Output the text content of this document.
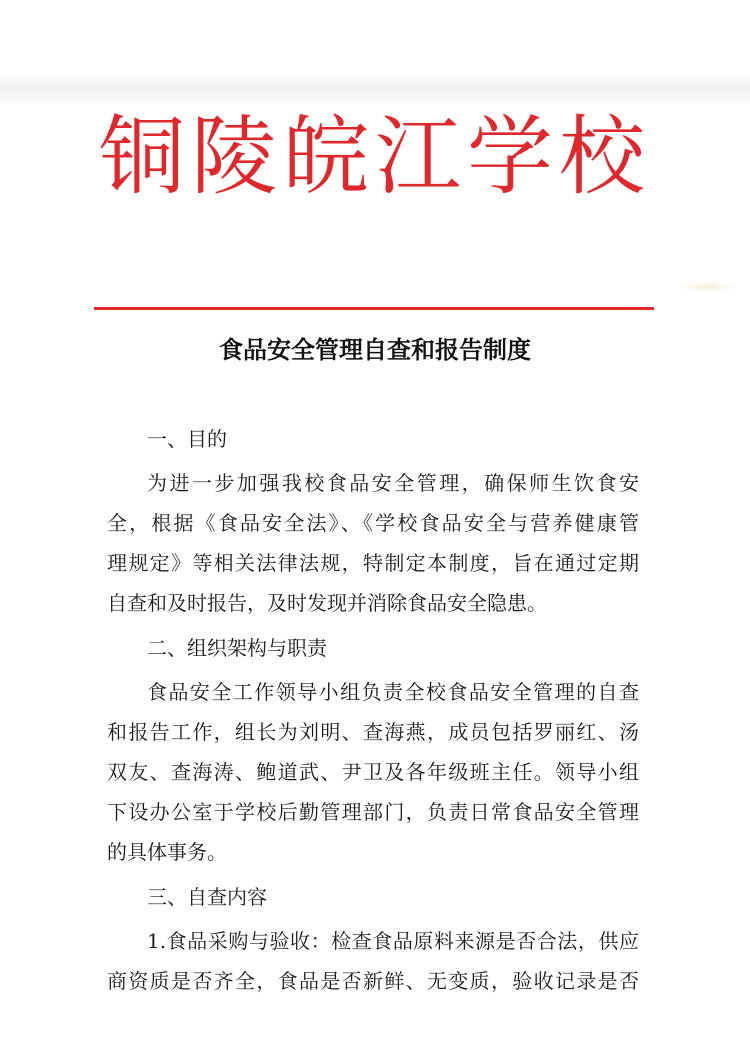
铜陵皖江学校
食品安全管理自查和报告制度
一、目的
为进一步加强我校食品安全管理，确保师生饮食安
全，根据《食品安全法》、《学校食品安全与营养健康管
理规定》等相关法律法规，特制定本制度，旨在通过定期
自查和及时报告，及时发现并消除食品安全隐患。
二、组织架构与职责
食品安全工作领导小组负责全校食品安全管理的自查
和报告工作，组长为刘明、查海燕，成员包括罗丽红、汤
双友、查海涛、鲍道武、尹卫及各年级班主任。领导小组
下设办公室于学校后勤管理部门，负责日常食品安全管理
的具体事务。
三、自查内容
1.食品采购与验收：检查食品原料来源是否合法，供应
商资质是否齐全，食品是否新鲜、无变质，验收记录是否
